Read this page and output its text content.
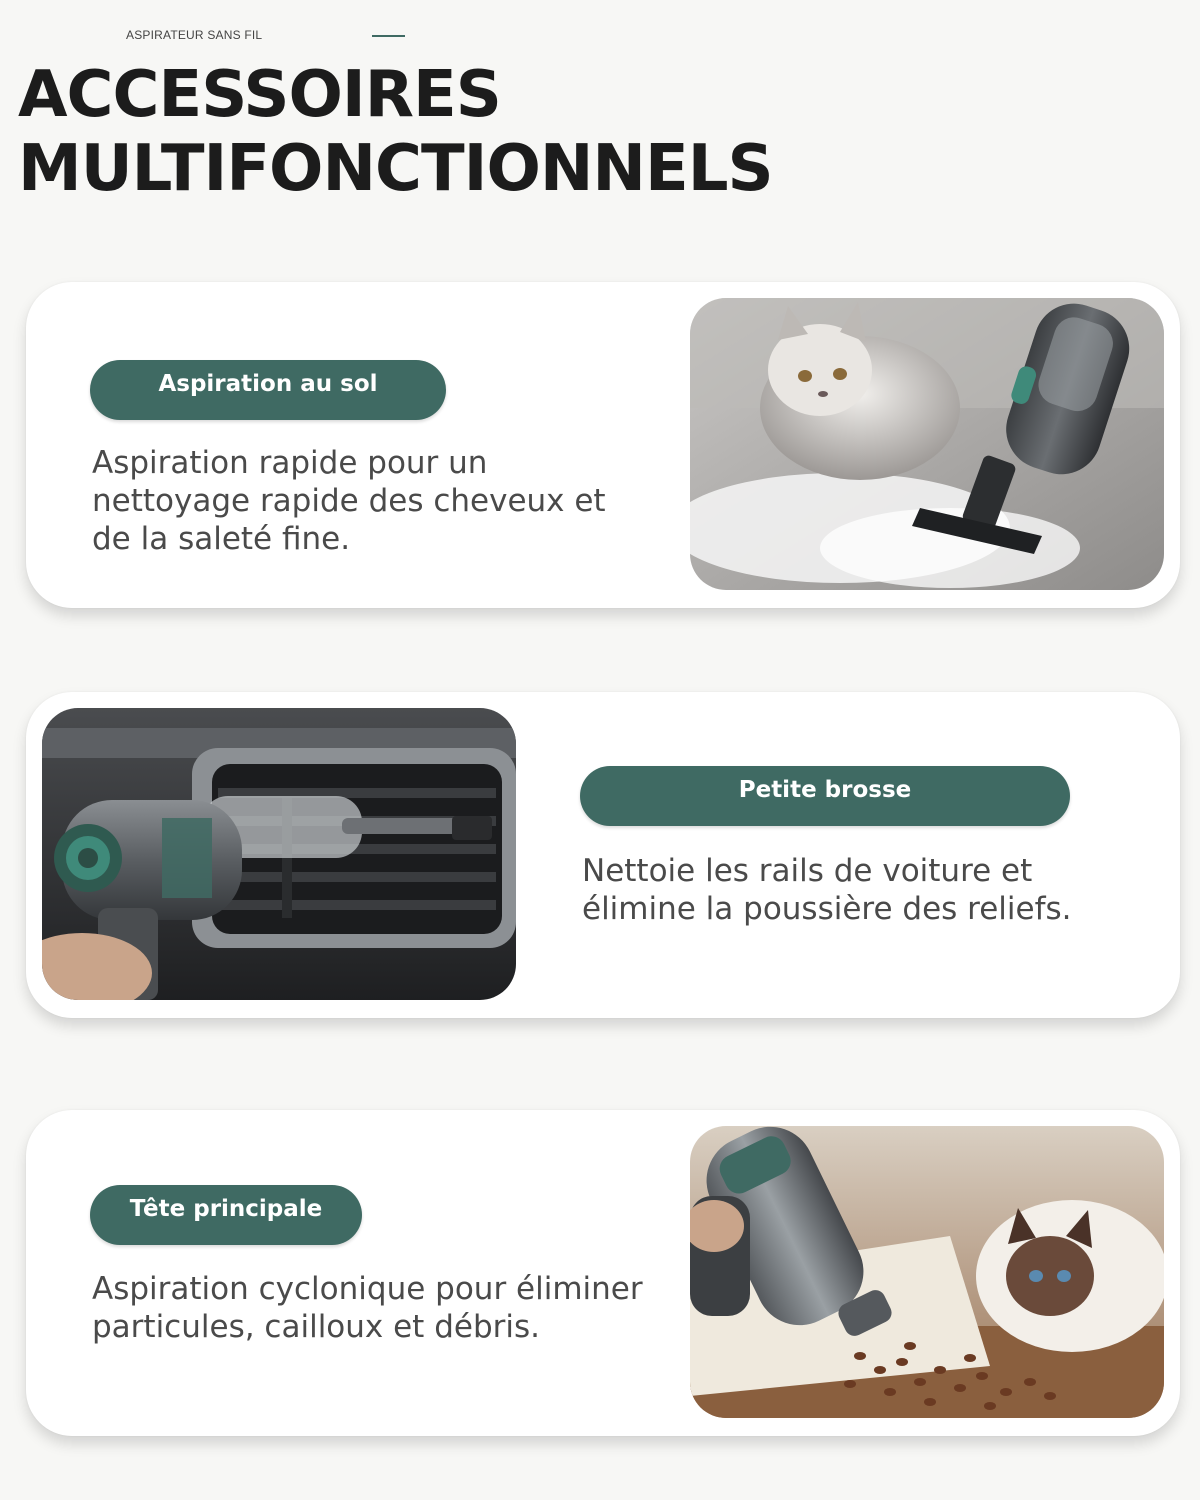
ASPIRATEUR SANS FIL
ACCESSOIRES
MULTIFONCTIONNELS
Aspiration au sol
Aspiration rapide pour un
nettoyage rapide des cheveux et
de la saleté fine.
Petite brosse
Nettoie les rails de voiture et
élimine la poussière des reliefs.
Tête principale
Aspiration cyclonique pour éliminer
particules, cailloux et débris.
